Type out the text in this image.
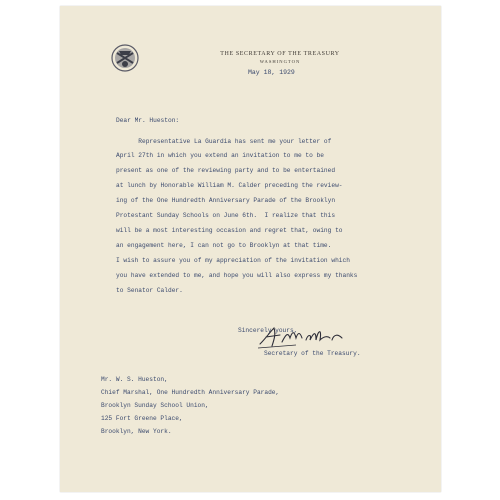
THE SECRETARY OF THE TREASURY
WASHINGTON
May 18, 1929
Dear Mr. Hueston:
Representative La Guardia has sent me your letter of
April 27th in which you extend an invitation to me to be
present as one of the reviewing party and to be entertained
at lunch by Honorable William M. Calder preceding the review-
ing of the One Hundredth Anniversary Parade of the Brooklyn
Protestant Sunday Schools on June 6th.  I realize that this
will be a most interesting occasion and regret that, owing to
an engagement here, I can not go to Brooklyn at that time.
I wish to assure you of my appreciation of the invitation which
you have extended to me, and hope you will also express my thanks
to Senator Calder.
Sincerely yours,
Secretary of the Treasury.
Mr. W. S. Hueston,
Chief Marshal, One Hundredth Anniversary Parade,
Brooklyn Sunday School Union,
125 Fort Greene Place,
Brooklyn, New York.
